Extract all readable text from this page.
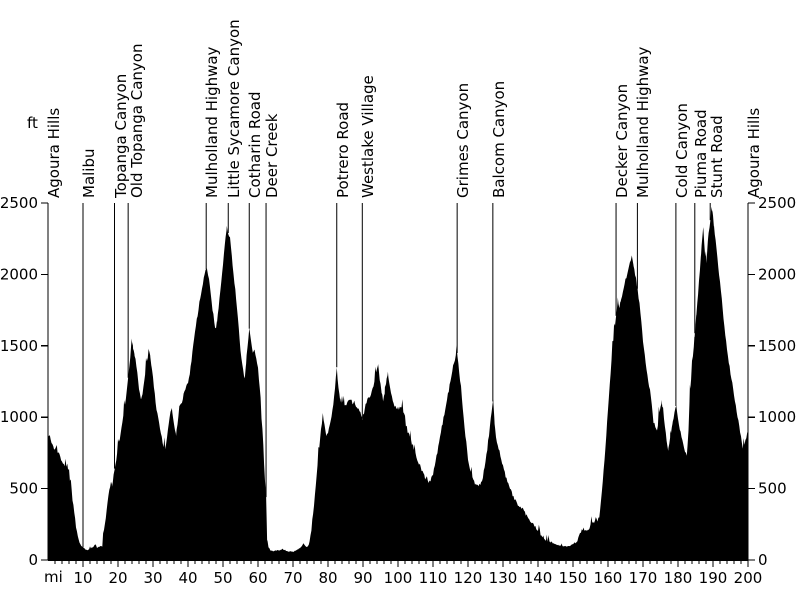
0	0
500	500
1000	1000
1500	1500
2000	2000
2500	2500
10 20 30 40 50 60 70 80 90 100 110 120 130 140 150 160 170 180 190 200
ft
mi
Agoura Hills Malibu Topanga Canyon
Old Topanga Canyon	Mulholland Highway Little Sycamore Canyon Cotharin Road
Deer Creek	Potrero Road Westlake Village	Grimes Canyon Balcom Canyon	Decker Canyon Mulholland Highway Cold Canyon Piuma Road
Stunt Road Agoura Hills
